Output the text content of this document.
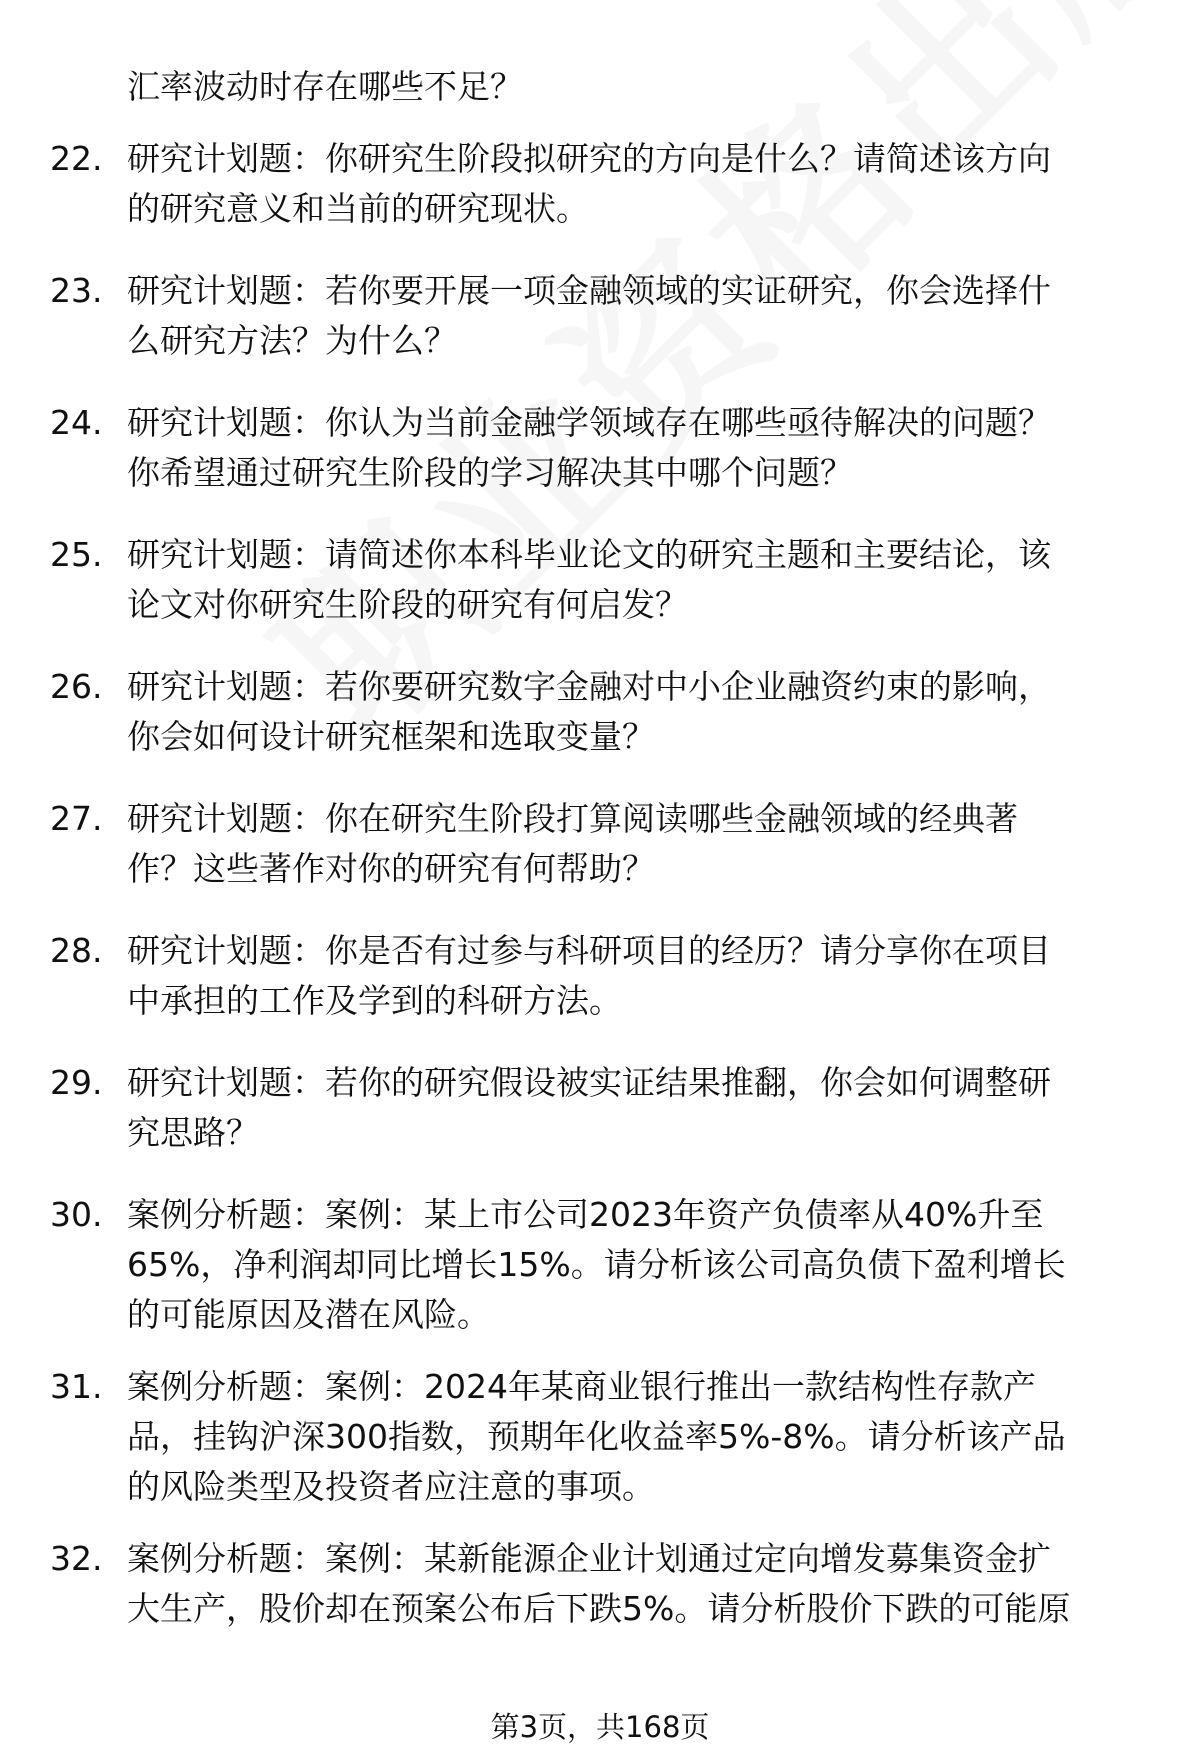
汇率波动时存在哪些不足？
22. 研究计划题：你研究生阶段拟研究的方向是什么？请简述该方向
的研究意义和当前的研究现状。
23. 研究计划题：若你要开展一项金融领域的实证研究，你会选择什
么研究方法？为什么？
24. 研究计划题：你认为当前金融学领域存在哪些亟待解决的问题？
你希望通过研究生阶段的学习解决其中哪个问题？
25. 研究计划题：请简述你本科毕业论文的研究主题和主要结论，该
论文对你研究生阶段的研究有何启发？
26. 研究计划题：若你要研究数字金融对中小企业融资约束的影响，
你会如何设计研究框架和选取变量？
27. 研究计划题：你在研究生阶段打算阅读哪些金融领域的经典著
作？这些著作对你的研究有何帮助？
28. 研究计划题：你是否有过参与科研项目的经历？请分享你在项目
中承担的工作及学到的科研方法。
29. 研究计划题：若你的研究假设被实证结果推翻，你会如何调整研
究思路？
30. 案例分析题：案例：某上市公司2023年资产负债率从40%升至
65%，净利润却同比增长15%。请分析该公司高负债下盈利增长
的可能原因及潜在风险。
31. 案例分析题：案例：2024年某商业银行推出一款结构性存款产
品，挂钩沪深300指数，预期年化收益率5%-8%。请分析该产品
的风险类型及投资者应注意的事项。
32. 案例分析题：案例：某新能源企业计划通过定向增发募集资金扩
大生产，股价却在预案公布后下跌5%。请分析股价下跌的可能原
第3页，共168页
